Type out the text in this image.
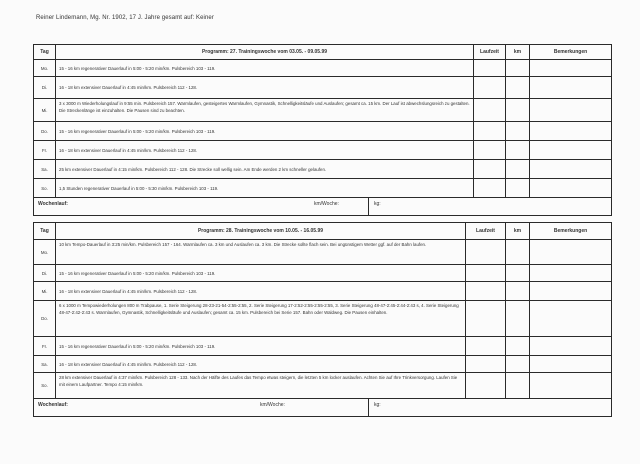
Reiner Lindemann, Mg. Nr. 1902, 17 J. Jahre gesamt auf: Keiner
Tag	Programm: 27. Trainingswoche vom 03.05. - 09.05.99	Laufzeit	km	Bemerkungen
Mo.	15 - 16 km regenerativer Dauerlauf in 5:00 - 5:20 min/km. Pulsbereich 103 - 119.			
Di.	16 - 18 km extensiver Dauerlauf in 4:45 min/km. Pulsbereich 112 - 128.			
Mi.	3 x 3000 m Wiederholungslauf in 9:55 min. Pulsbereich 157. Warmlaufen, gesteigertes Warmlaufen, Gymnastik, Schnelligkeitsläufe und Auslaufen; gesamt ca. 15 km. Der Lauf ist abwechslungsreich zu gestalten. Die Streckenlänge ist einzuhalten. Die Pausen sind zu beachten.			
Do.	15 - 16 km regenerativer Dauerlauf in 5:00 - 5:20 min/km. Pulsbereich 103 - 119.			
Fr.	16 - 18 km extensiver Dauerlauf in 4:45 min/km. Pulsbereich 112 - 128.			
Sa.	25 km extensiver Dauerlauf in 4:15 min/km. Pulsbereich 112 - 128. Die Strecke soll wellig sein. Am Ende werden 2 km schneller gelaufen.			
So.	1,5 Stunden regenerativer Dauerlauf in 5:00 - 5:30 min/km. Pulsbereich 103 - 119.			

Wochenlauf: km/Woche: kg:				
Tag	Programm: 28. Trainingswoche vom 10.05. - 16.05.99	Laufzeit	km	Bemerkungen
Mo.	10 km Tempo-Dauerlauf in 3:25 min/km. Pulsbereich 157 - 164. Warmlaufen ca. 3 km und Auslaufen ca. 3 km. Die Strecke sollte flach sein. Bei ungünstigem Wetter ggf. auf der Bahn laufen.			
Di.	15 - 16 km regenerativer Dauerlauf in 5:00 - 5:20 min/km. Pulsbereich 103 - 119.			
Mi.	16 - 18 km extensiver Dauerlauf in 4:45 min/km. Pulsbereich 112 - 128.			
Do.	6 x 1000 m Tempowiederholungen 800 m Trabpause, 1. Serie Steigerung 28-23-21-54-2:55-2:55, 2. Serie Steigerung 17-2:52-2:55-2:55-2:55, 3. Serie Steigerung 48-47-2:45-2:44-2:43 s, 4. Serie Steigerung 48-47-2:42-2:43 s. Warmlaufen, Gymnastik, Schnelligkeitsläufe und Auslaufen; gesamt ca. 15 km. Pulsbereich bei Serie 157. Bahn oder Waldweg. Die Pausen einhalten.			
Fr.	15 - 16 km regenerativer Dauerlauf in 5:00 - 5:20 min/km. Pulsbereich 103 - 119.			
Sa.	16 - 18 km extensiver Dauerlauf in 4:45 min/km. Pulsbereich 112 - 128.			
So.	28 km extensiver Dauerlauf in 4:37 min/km. Pulsbereich 128 - 133. Nach der Hälfte des Laufes das Tempo etwas steigern, die letzten 5 km locker auslaufen. Achten Sie auf Ihre Trinkversorgung. Laufen Sie mit einem Laufpartner. Tempo 4:15 min/km.			

Wochenlauf: km/Woche: kg:				
